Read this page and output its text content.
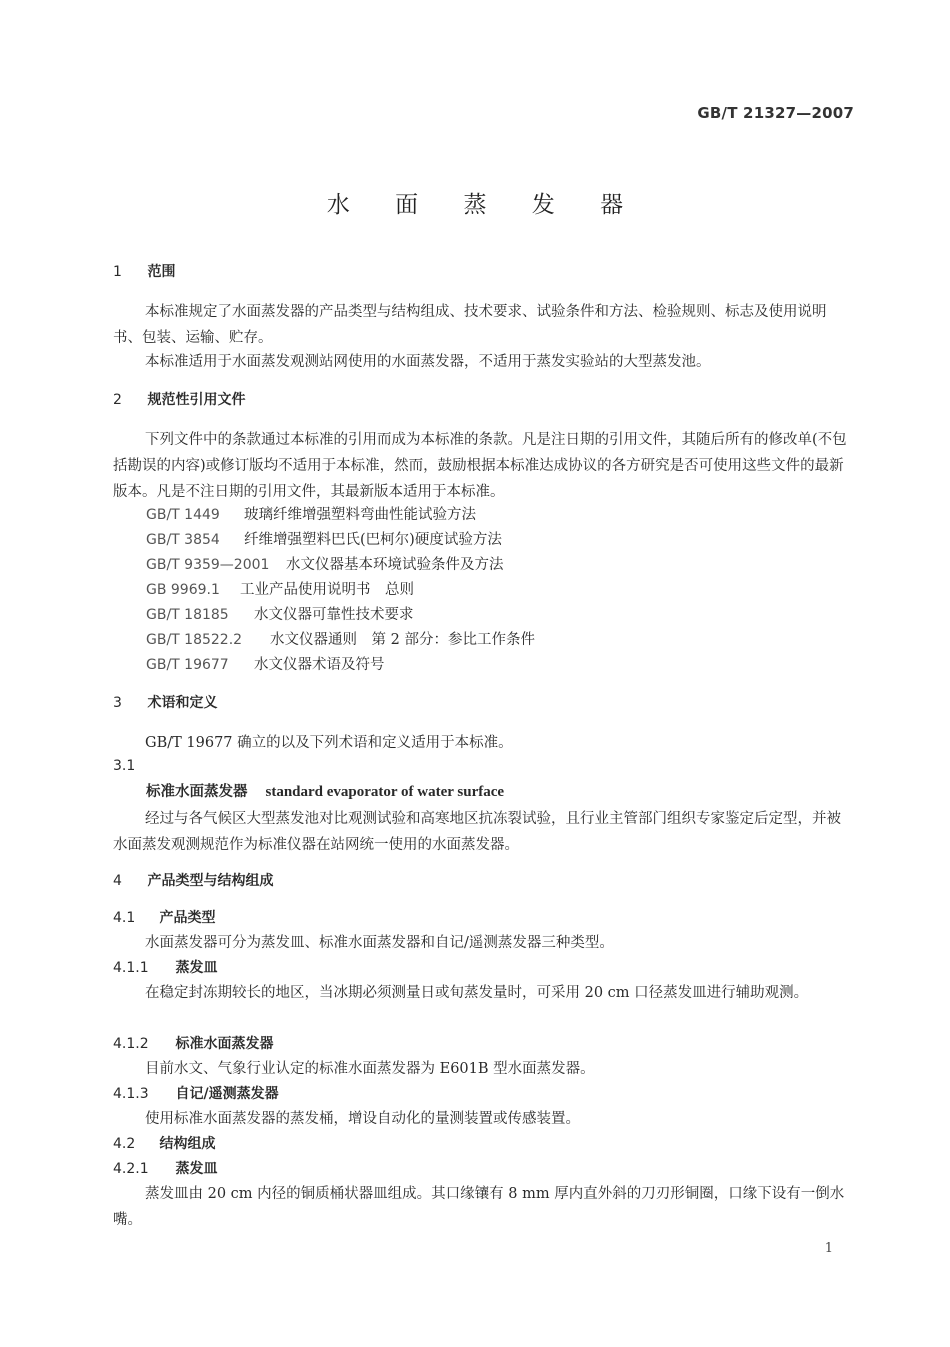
GB/T 21327—2007
水 面 蒸 发 器
1 范围
本标准规定了水面蒸发器的产品类型与结构组成、技术要求、试验条件和方法、检验规则、标志及使用说明书、包装、运输、贮存。
本标准适用于水面蒸发观测站网使用的水面蒸发器，不适用于蒸发实验站的大型蒸发池。
2 规范性引用文件
下列文件中的条款通过本标准的引用而成为本标准的条款。凡是注日期的引用文件，其随后所有的修改单(不包括勘误的内容)或修订版均不适用于本标准，然而，鼓励根据本标准达成协议的各方研究是否可使用这些文件的最新版本。凡是不注日期的引用文件，其最新版本适用于本标准。
GB/T 1449 玻璃纤维增强塑料弯曲性能试验方法
GB/T 3854 纤维增强塑料巴氏(巴柯尔)硬度试验方法
GB/T 9359—2001 水文仪器基本环境试验条件及方法
GB 9969.1 工业产品使用说明书　总则
GB/T 18185 水文仪器可靠性技术要求
GB/T 18522.2 水文仪器通则　第 2 部分：参比工作条件
GB/T 19677 水文仪器术语及符号
3 术语和定义
GB/T 19677 确立的以及下列术语和定义适用于本标准。
3.1
标准水面蒸发器 standard evaporator of water surface
经过与各气候区大型蒸发池对比观测试验和高寒地区抗冻裂试验，且行业主管部门组织专家鉴定后定型，并被水面蒸发观测规范作为标准仪器在站网统一使用的水面蒸发器。
4 产品类型与结构组成
4.1 产品类型
水面蒸发器可分为蒸发皿、标准水面蒸发器和自记/遥测蒸发器三种类型。
4.1.1 蒸发皿
在稳定封冻期较长的地区，当冰期必须测量日或旬蒸发量时，可采用 20 cm 口径蒸发皿进行辅助观测。
4.1.2 标准水面蒸发器
目前水文、气象行业认定的标准水面蒸发器为 E601B 型水面蒸发器。
4.1.3 自记/遥测蒸发器
使用标准水面蒸发器的蒸发桶，增设自动化的量测装置或传感装置。
4.2 结构组成
4.2.1 蒸发皿
蒸发皿由 20 cm 内径的铜质桶状器皿组成。其口缘镶有 8 mm 厚内直外斜的刀刃形铜圈，口缘下设有一倒水嘴。
1
